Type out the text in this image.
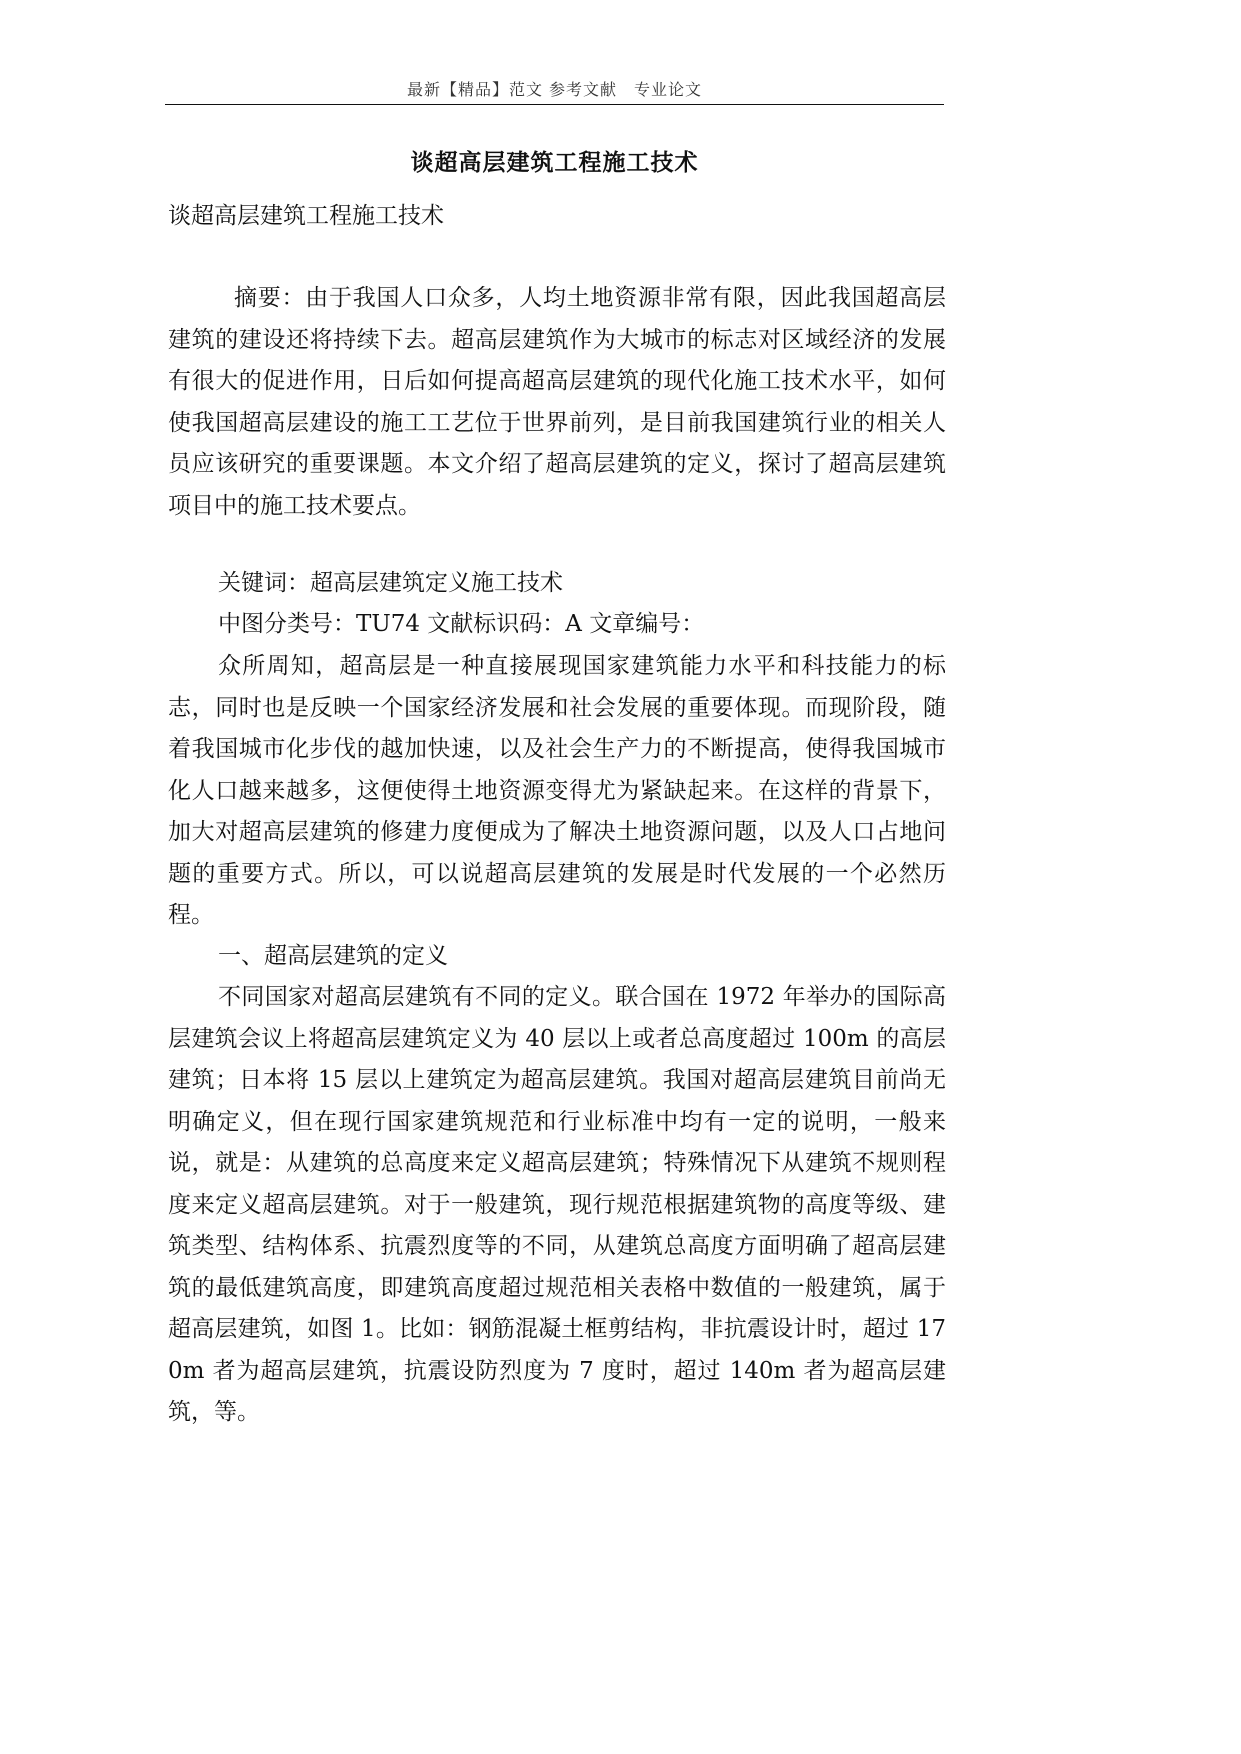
最新【精品】范文 参考文献　专业论文
谈超高层建筑工程施工技术
谈超高层建筑工程施工技术
摘要：由于我国人口众多，人均土地资源非常有限，因此我国超高层建筑的建设还将持续下去。超高层建筑作为大城市的标志对区域经济的发展有很大的促进作用，日后如何提高超高层建筑的现代化施工技术水平，如何使我国超高层建设的施工工艺位于世界前列，是目前我国建筑行业的相关人员应该研究的重要课题。本文介绍了超高层建筑的定义，探讨了超高层建筑项目中的施工技术要点。
关键词：超高层建筑定义施工技术
中图分类号：TU74 文献标识码：A 文章编号：
众所周知，超高层是一种直接展现国家建筑能力水平和科技能力的标志，同时也是反映一个国家经济发展和社会发展的重要体现。而现阶段，随着我国城市化步伐的越加快速，以及社会生产力的不断提高，使得我国城市化人口越来越多，这便使得土地资源变得尤为紧缺起来。在这样的背景下，加大对超高层建筑的修建力度便成为了解决土地资源问题，以及人口占地问题的重要方式。所以，可以说超高层建筑的发展是时代发展的一个必然历程。
一、超高层建筑的定义
不同国家对超高层建筑有不同的定义。联合国在 1972 年举办的国际高层建筑会议上将超高层建筑定义为 40 层以上或者总高度超过 100m 的高层建筑；日本将 15 层以上建筑定为超高层建筑。我国对超高层建筑目前尚无明确定义，但在现行国家建筑规范和行业标准中均有一定的说明，一般来说，就是：从建筑的总高度来定义超高层建筑；特殊情况下从建筑不规则程度来定义超高层建筑。对于一般建筑，现行规范根据建筑物的高度等级、建筑类型、结构体系、抗震烈度等的不同，从建筑总高度方面明确了超高层建筑的最低建筑高度，即建筑高度超过规范相关表格中数值的一般建筑，属于超高层建筑，如图 1。比如：钢筋混凝土框剪结构，非抗震设计时，超过 170m 者为超高层建筑，抗震设防烈度为 7 度时，超过 140m 者为超高层建筑，等。
